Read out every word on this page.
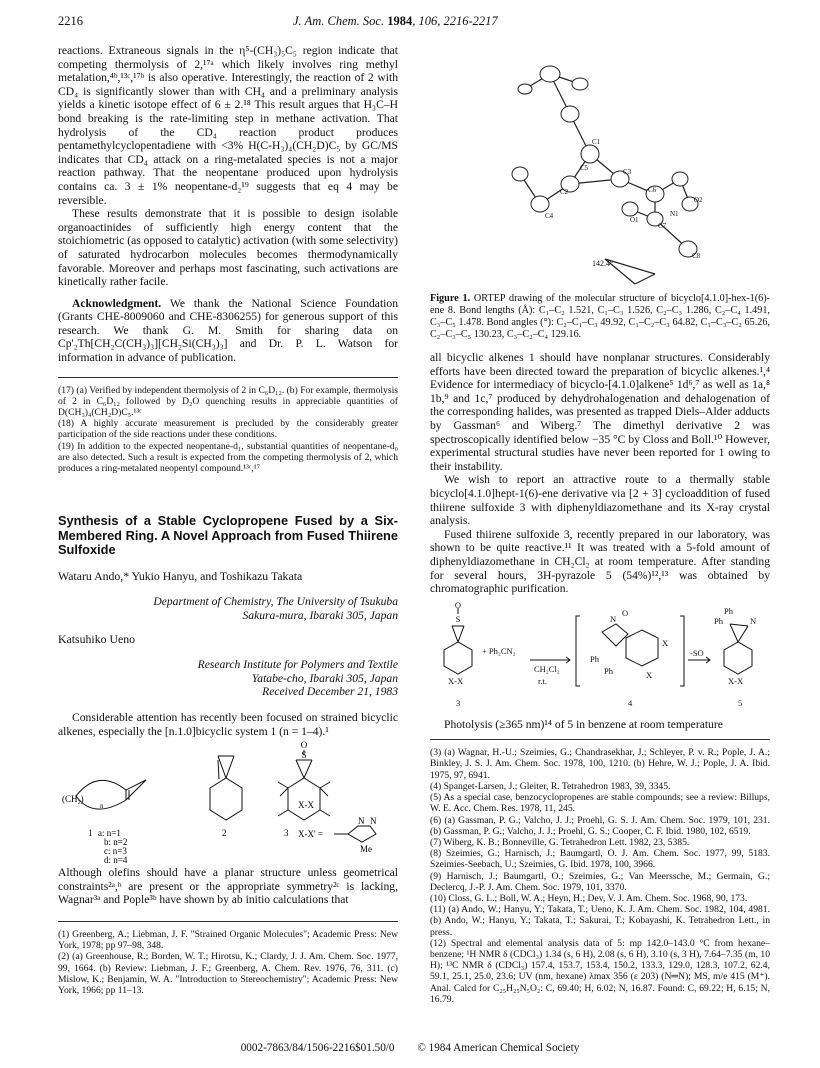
2216	J. Am. Chem. Soc. 1984, 106, 2216-2217

reactions. Extraneous signals in the η⁵-(CH₃)₅C₅ region indicate that competing thermolysis of 2,¹⁷ᵃ which likely involves ring methyl metalation,⁴ᵇ,¹³ᶜ,¹⁷ᵇ is also operative. Interestingly, the reaction of 2 with CD₄ is significantly slower than with CH₄ and a preliminary analysis yields a kinetic isotope effect of 6 ± 2.¹⁸ This result argues that H₃C–H bond breaking is the rate-limiting step in methane activation. That hydrolysis of the CD₄ reaction product produces pentamethylcyclopentadiene with <3% H(C-H₃)₄(CH₂D)C₅ by GC/MS indicates that CD₄ attack on a ring-metalated species is not a major reaction pathway. That the neopentane produced upon hydrolysis contains ca. 3 ± 1% neopentane-d₂¹⁹ suggests that eq 4 may be reversible.

These results demonstrate that it is possible to design isolable organoactinides of sufficiently high energy content that the stoichiometric (as opposed to catalytic) activation (with some selectivity) of saturated hydrocarbon molecules becomes thermodynamically favorable. Moreover and perhaps most fascinating, such activations are kinetically rather facile.

Acknowledgment. We thank the National Science Foundation (Grants CHE-8009060 and CHE-8306255) for generous support of this research. We thank G. M. Smith for sharing data on Cp'₂Th[CH₂C(CH₃)₃][CH₂Si(CH₃)₃] and Dr. P. L. Watson for information in advance of publication.

(17) (a) Verified by independent thermolysis of 2 in C₆D₁₂. (b) For example, thermolysis of 2 in C₆D₁₂ followed by D₂O quenching results in appreciable quantities of D(CH₃)₄(CH₂D)C₅.¹³ᶜ

(18) A highly accurate measurement is precluded by the considerably greater participation of the side reactions under these conditions.

(19) In addition to the expected neopentane-d₁, substantial quantities of neopentane-d₀ are also detected. Such a result is expected from the competing thermolysis of 2, which produces a ring-metalated neopentyl compound.¹³ᶜ,¹⁷

Synthesis of a Stable Cyclopropene Fused by a Six-Membered Ring. A Novel Approach from Fused Thiirene Sulfoxide
Wataru Ando,* Yukio Hanyu, and Toshikazu Takata
Department of Chemistry, The University of Tsukuba
Sakura-mura, Ibaraki 305, Japan
Katsuhiko Ueno
Research Institute for Polymers and Textile
Yatabe-cho, Ibaraki 305, Japan
Received December 21, 1983

Considerable attention has recently been focused on strained bicyclic alkenes, especially the [n.1.0]bicyclic system 1 (n = 1–4).¹

(CH₂)
n
O
S
X-X
1 a: n=1
b: n=2
c: n=3
d: n=4
2	3 X-X' =
N N
Me

Although olefins should have a planar structure unless geometrical constraints²ᵃ,ᵇ are present or the appropriate symmetry²ᶜ is lacking, Wagnar³ᵃ and Pople³ᵇ have shown by ab initio calculations that

(1) Greenberg, A.; Liebman, J. F. "Strained Organic Molecules"; Academic Press: New York, 1978; pp 97–98, 348.

(2) (a) Greenhouse, R.; Borden, W. T.; Hirotsu, K.; Clardy, J. J. Am. Chem. Soc. 1977, 99, 1664. (b) Review: Liebman, J. F.; Greenberg, A. Chem. Rev. 1976, 76, 311. (c) Mislow, K.; Benjamin, W. A. "Introduction to Stereochemistry"; Academic Press: New York, 1966; pp 11–13.

C1
C2
C3
C4
C5
C6
C7
C8
O1
O2
N1
142.4°
Figure 1. ORTEP drawing of the molecular structure of bicyclo[4.1.0]-hex-1(6)-ene 8. Bond lengths (Å): C₁–C₂ 1.521, C₁–C₃ 1.526, C₂–C₃ 1.286, C₂–C₄ 1.491, C₃–C₅ 1.478. Bond angles (°): C₂–C₁–C₃ 49.92, C₁–C₂–C₃ 64.82, C₁–C₃–C₂ 65.26, C₂–C₃–C₅ 130.23, C₃–C₂–C₄ 129.16.

all bicyclic alkenes 1 should have nonplanar structures. Considerably efforts have been directed toward the preparation of bicyclic alkenes.¹,⁴ Evidence for intermediacy of bicyclo-[4.1.0]alkene⁵ 1d⁶,⁷ as well as 1a,⁸ 1b,⁹ and 1c,⁷ produced by dehydrohalogenation and dehalogenation of the corresponding halides, was presented as trapped Diels–Alder adducts by Gassman⁶ and Wiberg.⁷ The dimethyl derivative 2 was spectroscopically identified below −35 °C by Closs and Boll.¹⁰ However, experimental structural studies have never been reported for 1 owing to their instability.

We wish to report an attractive route to a thermally stable bicyclo[4.1.0]hept-1(6)-ene derivative via [2 + 3] cycloaddition of fused thiirene sulfoxide 3 with diphenyldiazomethane and its X-ray crystal analysis.

Fused thiirene sulfoxide 3, recently prepared in our laboratory, was shown to be quite reactive.¹¹ It was treated with a 5-fold amount of diphenyldiazomethane in CH₂Cl₂ at room temperature. After standing for several hours, 3H-pyrazole 5 (54%)¹²,¹³ was obtained by chromatographic purification.

O
S
X-X
+ Ph₂CN₂
CH₂Cl₂
r.t.
N
O
Ph
Ph
X
X
-SO
Ph
Ph	N
X-X
3	4	5

Photolysis (≥365 nm)¹⁴ of 5 in benzene at room temperature

(3) (a) Wagnar, H.-U.; Szeimies, G.; Chandrasekhar, J.; Schleyer, P. v. R.; Pople, J. A.; Binkley, J. S. J. Am. Chem. Soc. 1978, 100, 1210. (b) Hehre, W. J.; Pople, J. A. Ibid. 1975, 97, 6941.

(4) Spanget-Larsen, J.; Gleiter, R. Tetrahedron 1983, 39, 3345.

(5) As a special case, benzocyclopropenes are stable compounds; see a review: Billups, W. E. Acc. Chem. Res. 1978, 11, 245.

(6) (a) Gassman, P. G.; Valcho, J. J.; Proehl, G. S. J. Am. Chem. Soc. 1979, 101, 231. (b) Gassman, P. G.; Valcho, J. J.; Proehl, G. S.; Cooper, C. F. Ibid. 1980, 102, 6519.

(7) Wiberg, K. B.; Bonneville, G. Tetrahedron Lett. 1982, 23, 5385.

(8) Szeimies, G.; Harnisch, J.; Baumgartl, O. J. Am. Chem. Soc. 1977, 99, 5183. Szeimies-Seebach, U.; Szeimies, G. Ibid. 1978, 100, 3966.

(9) Harnisch, J.; Baumgartl, O.; Szeimies, G.; Van Meerssche, M.; Germain, G.; Declercq, J.-P. J. Am. Chem. Soc. 1979, 101, 3370.

(10) Closs, G. L.; Boll, W. A.; Heyn, H.; Dev, V. J. Am. Chem. Soc. 1968, 90, 173.

(11) (a) Ando, W.; Hanyu, Y.; Takata, T.; Ueno, K. J. Am. Chem. Soc. 1982, 104, 4981. (b) Ando, W.; Hanyu, Y.; Takata, T.; Sakurai, T.; Kobayashi, K. Tetrahedron Lett., in press.

(12) Spectral and elemental analysis data of 5: mp 142.0–143.0 °C from hexane–benzene; ¹H NMR δ (CDCl₃) 1.34 (s, 6 H), 2.08 (s, 6 H), 3.10 (s, 3 H), 7.64–7.35 (m, 10 H); ¹³C NMR δ (CDCl₃) 157.4, 153.7, 153.4, 150.2, 133.3, 129.0, 128.3, 107.2, 62.4, 59.1, 25.1, 25.0, 23.6; UV (nm, hexane) λmax 356 (ε 203) (N═N); MS, m/e 415 (M⁺). Anal. Calcd for C₂₅H₂₅N₅O₂: C, 69.40; H, 6.02; N, 16.87. Found: C, 69.22; H, 6.15; N, 16.79.

0002-7863/84/1506-2216$01.50/0 © 1984 American Chemical Society
